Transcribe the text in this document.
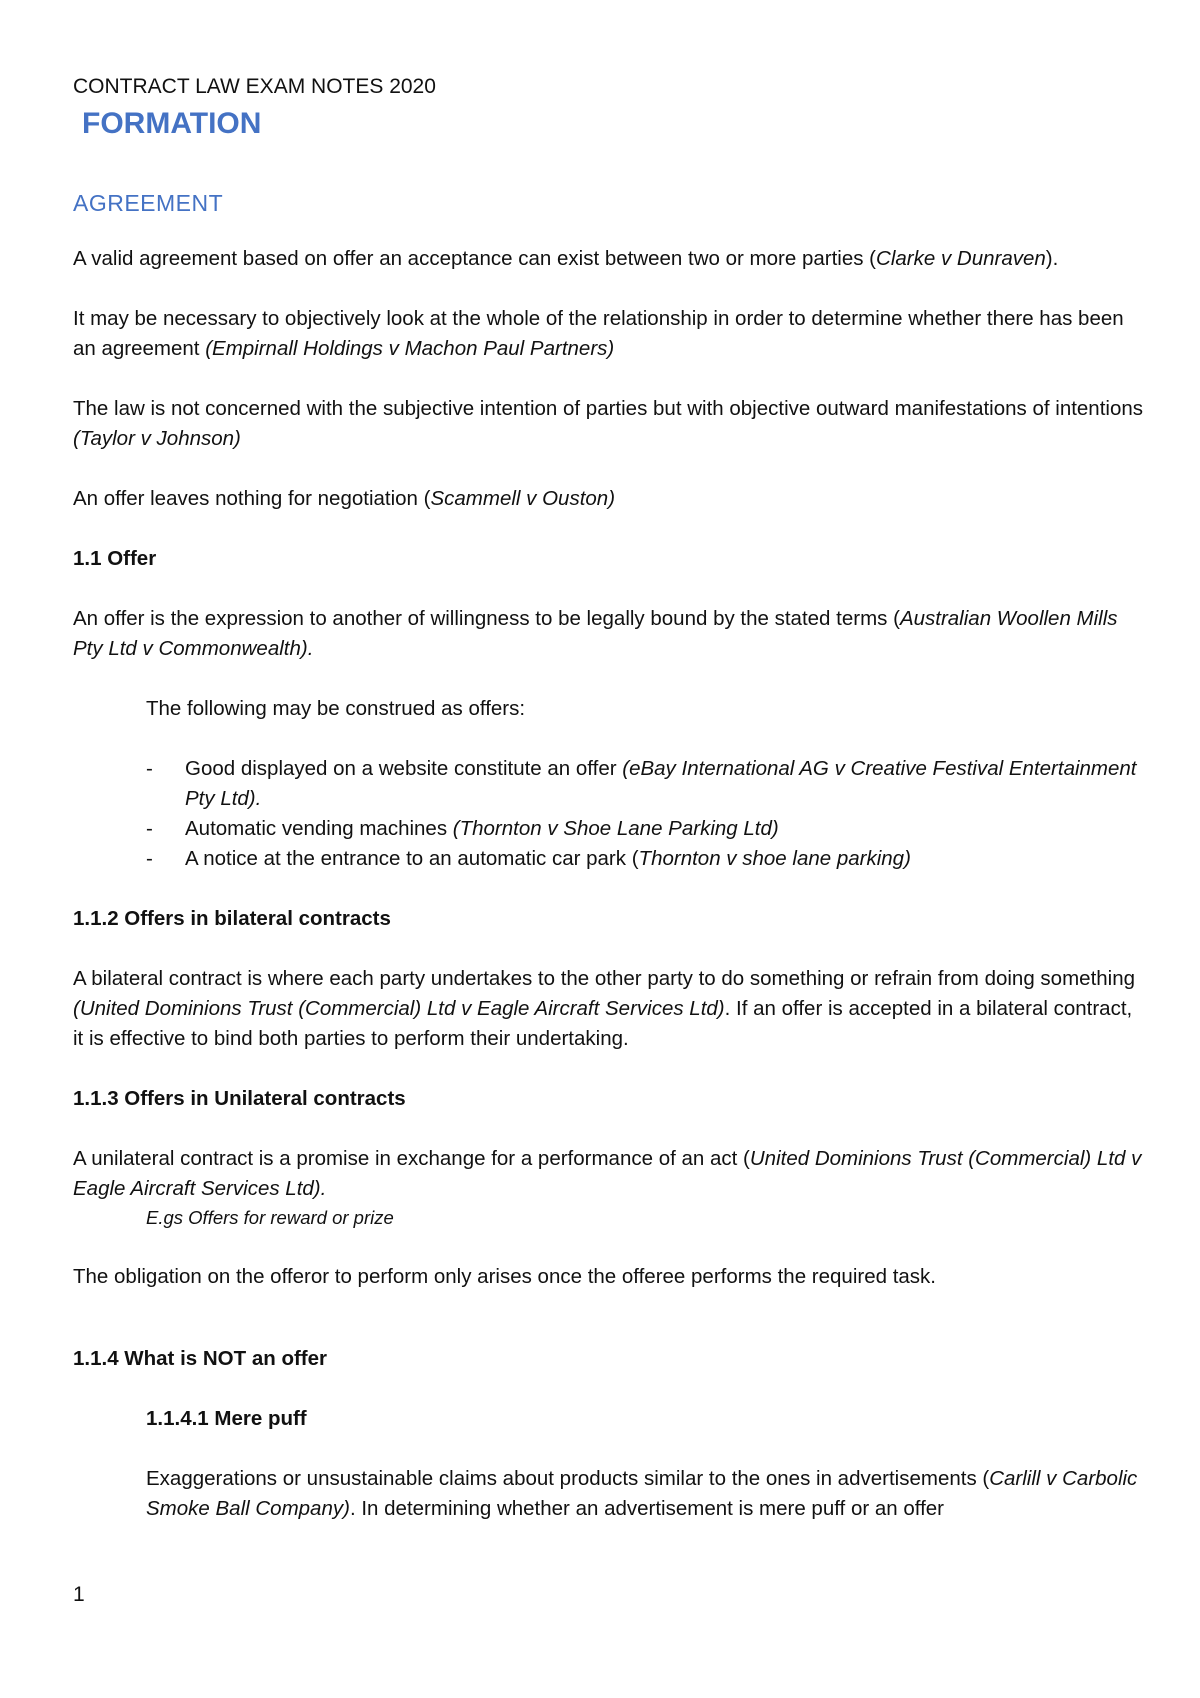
CONTRACT LAW EXAM NOTES 2020

FORMATION

AGREEMENT

A valid agreement based on offer an acceptance can exist between two or more parties (Clarke v Dunraven).

It may be necessary to objectively look at the whole of the relationship in order to determine whether there has been an agreement (Empirnall Holdings v Machon Paul Partners)

The law is not concerned with the subjective intention of parties but with objective outward manifestations of intentions (Taylor v Johnson)

An offer leaves nothing for negotiation (Scammell v Ouston)

1.1 Offer

An offer is the expression to another of willingness to be legally bound by the stated terms (Australian Woollen Mills Pty Ltd v Commonwealth).

The following may be construed as offers:

- Good displayed on a website constitute an offer (eBay International AG v Creative Festival Entertainment Pty Ltd).
- Automatic vending machines (Thornton v Shoe Lane Parking Ltd)
- A notice at the entrance to an automatic car park (Thornton v shoe lane parking)

1.1.2 Offers in bilateral contracts

A bilateral contract is where each party undertakes to the other party to do something or refrain from doing something (United Dominions Trust (Commercial) Ltd v Eagle Aircraft Services Ltd). If an offer is accepted in a bilateral contract, it is effective to bind both parties to perform their undertaking.

1.1.3 Offers in Unilateral contracts

A unilateral contract is a promise in exchange for a performance of an act (United Dominions Trust (Commercial) Ltd v Eagle Aircraft Services Ltd).

E.gs Offers for reward or prize

The obligation on the offeror to perform only arises once the offeree performs the required task.

1.1.4 What is NOT an offer

1.1.4.1 Mere puff

Exaggerations or unsustainable claims about products similar to the ones in advertisements (Carlill v Carbolic Smoke Ball Company). In determining whether an advertisement is mere puff or an offer

1
